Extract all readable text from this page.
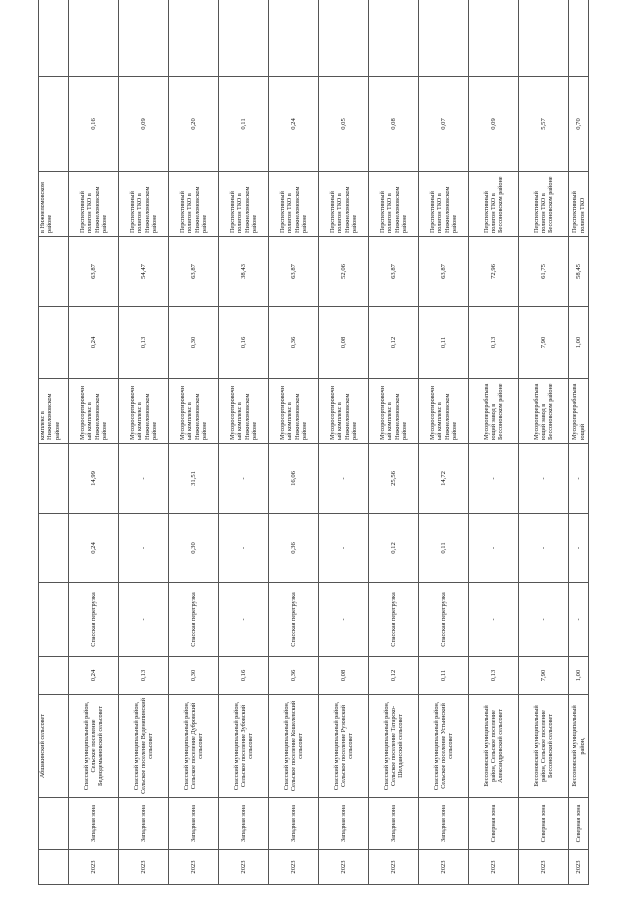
		Абшакинский сельсовет					комплекс в Нижнеломовском районе			в Нижнеломовском районе		
2023	Западная зона	Спасский муниципальный район, Сельское поселение Беднодемьяновский сельсовет	0,24	Спасская перегрузка	0,24	14,99	Мусоросортировочный комплекс в Нижнеломовском районе	0,24	63,87	Перспективный полигон ТКО в Нижнеломовском районе	0,16	
2023	Западная зона	Спасский муниципальный район, Сельское поселение Веденяпинский сельсовет	0,13	-	-	-	Мусоросортировочный комплекс в Нижнеломовском районе	0,13	54,47	Перспективный полигон ТКО в Нижнеломовском районе	0,09	
2023	Западная зона	Спасский муниципальный район, Сельское поселение Дубровский сельсовет	0,30	Спасская перегрузка	0,30	31,51	Мусоросортировочный комплекс в Нижнеломовском районе	0,30	63,87	Перспективный полигон ТКО в Нижнеломовском районе	0,20	
2023	Западная зона	Спасский муниципальный район, Сельское поселение Зубовский сельсовет	0,16	-	-	-	Мусоросортировочный комплекс в Нижнеломовском районе	0,16	38,43	Перспективный полигон ТКО в Нижнеломовском районе	0,11	
2023	Западная зона	Спасский муниципальный район, Сельское поселение Кошелевский сельсовет	0,36	Спасская перегрузка	0,36	16,06	Мусоросортировочный комплекс в Нижнеломовском районе	0,36	63,87	Перспективный полигон ТКО в Нижнеломовском районе	0,24	
2023	Западная зона	Спасский муниципальный район, Сельское поселение Рузовский сельсовет	0,08	-	-	-	Мусоросортировочный комплекс в Нижнеломовском районе	0,08	52,06	Перспективный полигон ТКО в Нижнеломовском районе	0,05	
2023	Западная зона	Спасский муниципальный район, Сельское поселение Татарско-Шелдаисский сельсовет	0,12	Спасская перегрузка	0,12	25,56	Мусоросортировочный комплекс в Нижнеломовском районе	0,12	63,87	Перспективный полигон ТКО в Нижнеломовском районе	0,08	
2023	Западная зона	Спасский муниципальный район, Сельское поселение Устьинский сельсовет	0,11	Спасская перегрузка	0,11	14,72	Мусоросортировочный комплекс в Нижнеломовском районе	0,11	63,87	Перспективный полигон ТКО в Нижнеломовском районе	0,07	
2023	Северная зона	Бессоновский муниципальный район, Сельское поселение Александровский сельсовет	0,13	-	-	-	Мусороперерабатывающий завод в Бессоновском районе	0,13	72,96	Перспективный полигон ТКО в Бессоновском районе	0,09	
2023	Северная зона	Бессоновский муниципальный район, Сельское поселение Бессоновский сельсовет	7,90	-	-	-	Мусороперерабатывающий завод в Бессоновском районе	7,90	61,75	Перспективный полигон ТКО в Бессоновском районе	5,57	
2023	Северная зона	Бессоновский муниципальный район,	1,00	-	-	-	Мусороперерабатывающий	1,00	58,45	Перспективный полигон ТКО	0,70	
